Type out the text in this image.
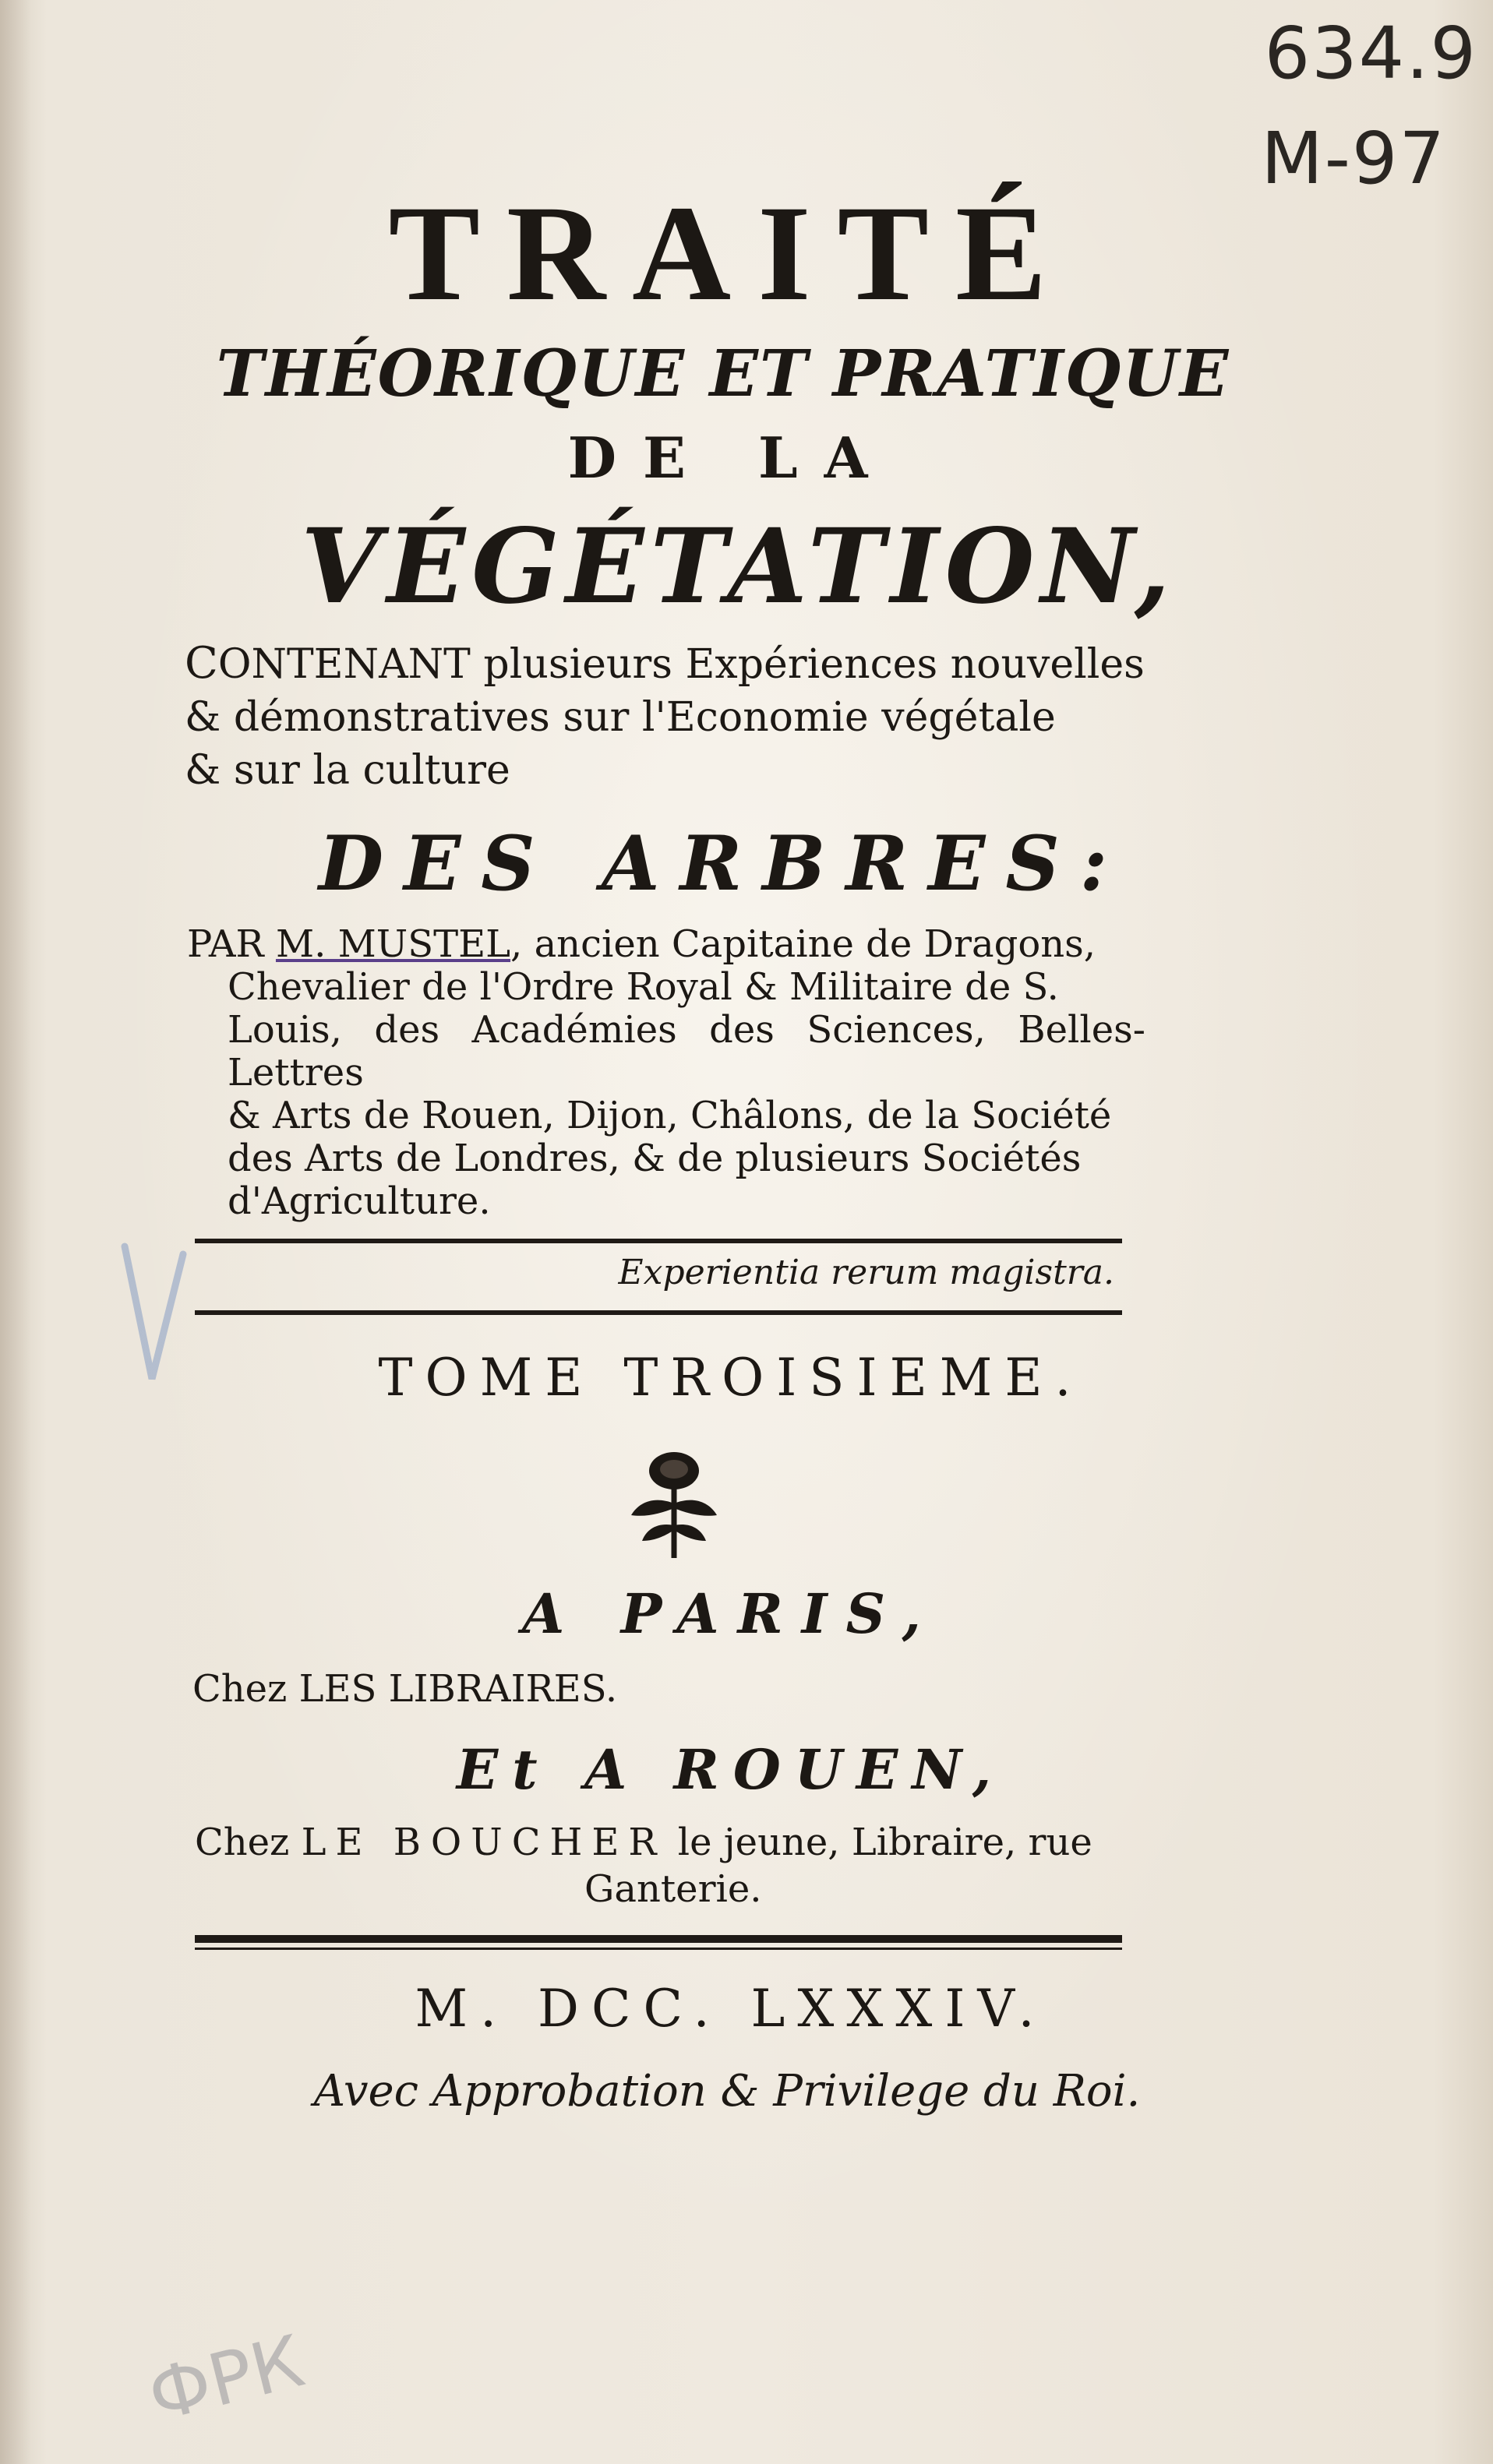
634.9
M-97
TRAITÉ
THÉORIQUE ET PRATIQUE
DE LA
VÉGÉTATION,
CONTENANT plusieurs Expériences nouvelles
& démonstratives sur l'Economie végétale
& sur la culture
DES ARBRES:

PAR M. MUSTEL, ancien Capitaine de Dragons,

Chevalier de l'Ordre Royal & Militaire de S.

Louis, des Académies des Sciences, Belles-Lettres

& Arts de Rouen, Dijon, Châlons, de la Société

des Arts de Londres, & de plusieurs Sociétés

d'Agriculture.

Experientia rerum magistra.
TOME TROISIEME.
A PARIS,
Chez LES LIBRAIRES.
Et A ROUEN,
Chez LE BOUCHER le jeune, Libraire, rue
Ganterie.
M. DCC. LXXXIV.
Avec Approbation & Privilege du Roi.
ФРК
